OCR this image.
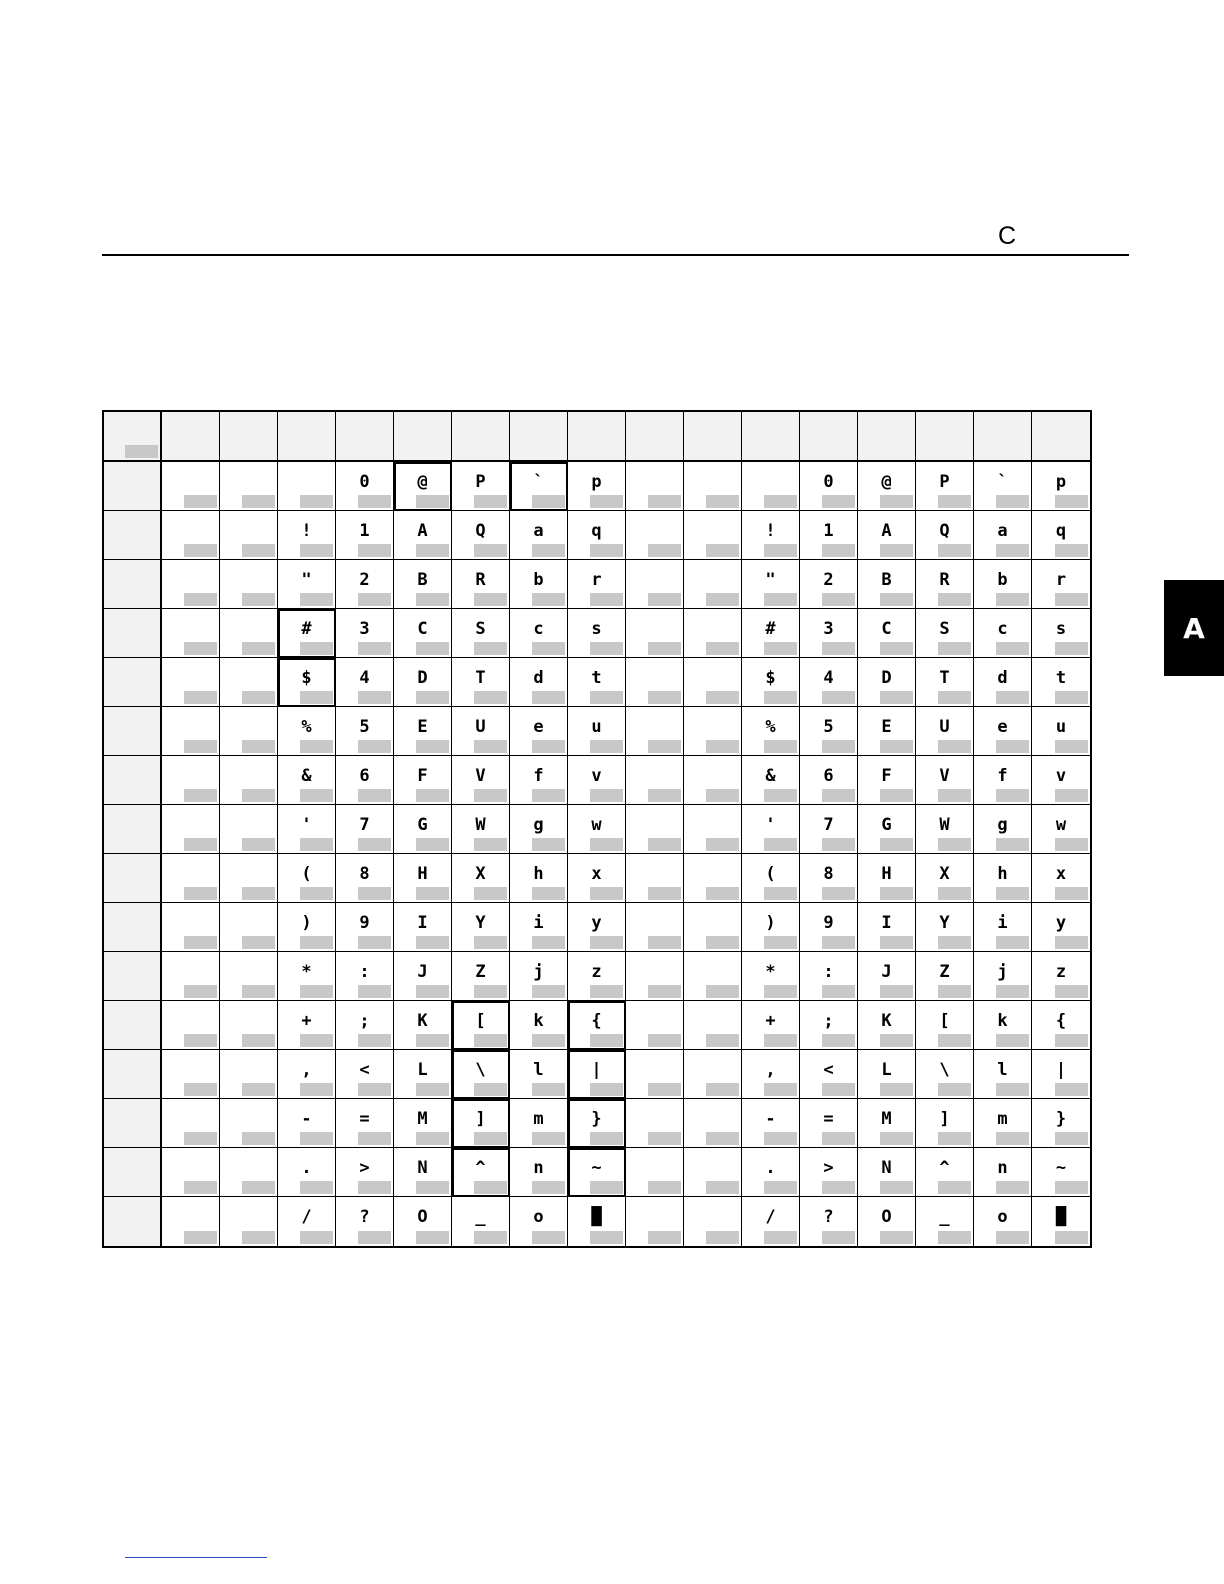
C
A
0	@	P	`	p	0	@	P	`	p
!	1	A	Q	a	q	!	1	A	Q	a	q
"	2	B	R	b	r	"	2	B	R	b	r
#	3	C	S	c	s	#	3	C	S	c	s
$	4	D	T	d	t	$	4	D	T	d	t
%	5	E	U	e	u	%	5	E	U	e	u
&	6	F	V	f	v	&	6	F	V	f	v
'	7	G	W	g	w	'	7	G	W	g	w
(	8	H	X	h	x	(	8	H	X	h	x
)	9	I	Y	i	y	)	9	I	Y	i	y
*	:	J	Z	j	z	*	:	J	Z	j	z
+	;	K	[	k	{	+	;	K	[	k	{
,	<	L	\	l	|	,	<	L	\	l	|
-	=	M	]	m	}	-	=	M	]	m	}
.	>	N	^	n	~	.	>	N	^	n	~
/	?	O	_	o	█	/	?	O	_	o	█
